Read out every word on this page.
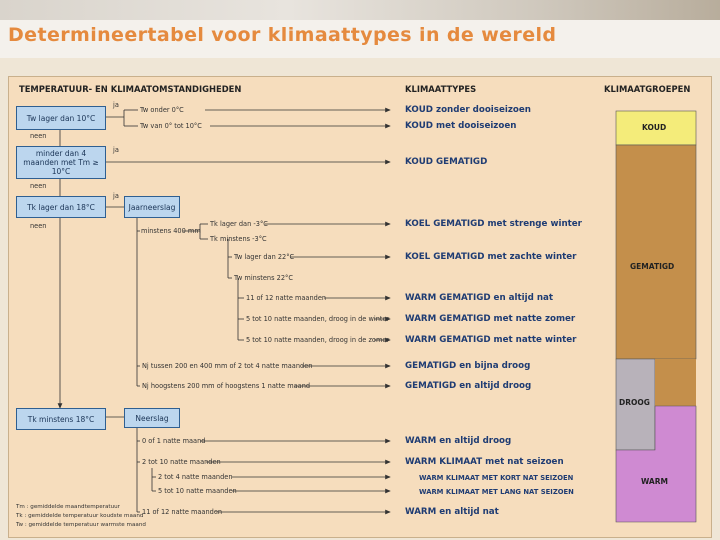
Determineertabel voor klimaattypes in de wereld
TEMPERATUUR- EN KLIMAATOMSTANDIGHEDEN	KLIMAATTYPES	KLIMAATGROEPEN
Tw lager dan 10°C
minder dan 4 maanden met Tm ≥ 10°C
Tk lager dan 18°C	Jaarneerslag
Tk minstens 18°C	Neerslag
ja
neen
ja
neen
ja
neen
Tw onder 0°C
Tw van 0° tot 10°C
minstens 400 mm
Tk lager dan -3°C
Tk minstens -3°C
Tw lager dan 22°C
Tw minstens 22°C
11 of 12 natte maanden
5 tot 10 natte maanden, droog in de winter
5 tot 10 natte maanden, droog in de zomer
Nj tussen 200 en 400 mm of 2 tot 4 natte maanden
Nj hoogstens 200 mm of hoogstens 1 natte maand
0 of 1 natte maand
2 tot 10 natte maanden
2 tot 4 natte maanden
5 tot 10 natte maanden
11 of 12 natte maanden
KOUD zonder dooiseizoen
KOUD met dooiseizoen
KOUD GEMATIGD
KOEL GEMATIGD met strenge winter
KOEL GEMATIGD met zachte winter
WARM GEMATIGD en altijd nat
WARM GEMATIGD met natte zomer
WARM GEMATIGD met natte winter
GEMATIGD en bijna droog
GEMATIGD en altijd droog
WARM en altijd droog
WARM KLIMAAT met nat seizoen
WARM KLIMAAT MET KORT NAT SEIZOEN
WARM KLIMAAT MET LANG NAT SEIZOEN
WARM en altijd nat
KOUD
GEMATIGD
DROOG
WARM
Tm : gemiddelde maandtemperatuur
Tk : gemiddelde temperatuur koudste maand
Tw : gemiddelde temperatuur warmste maand
